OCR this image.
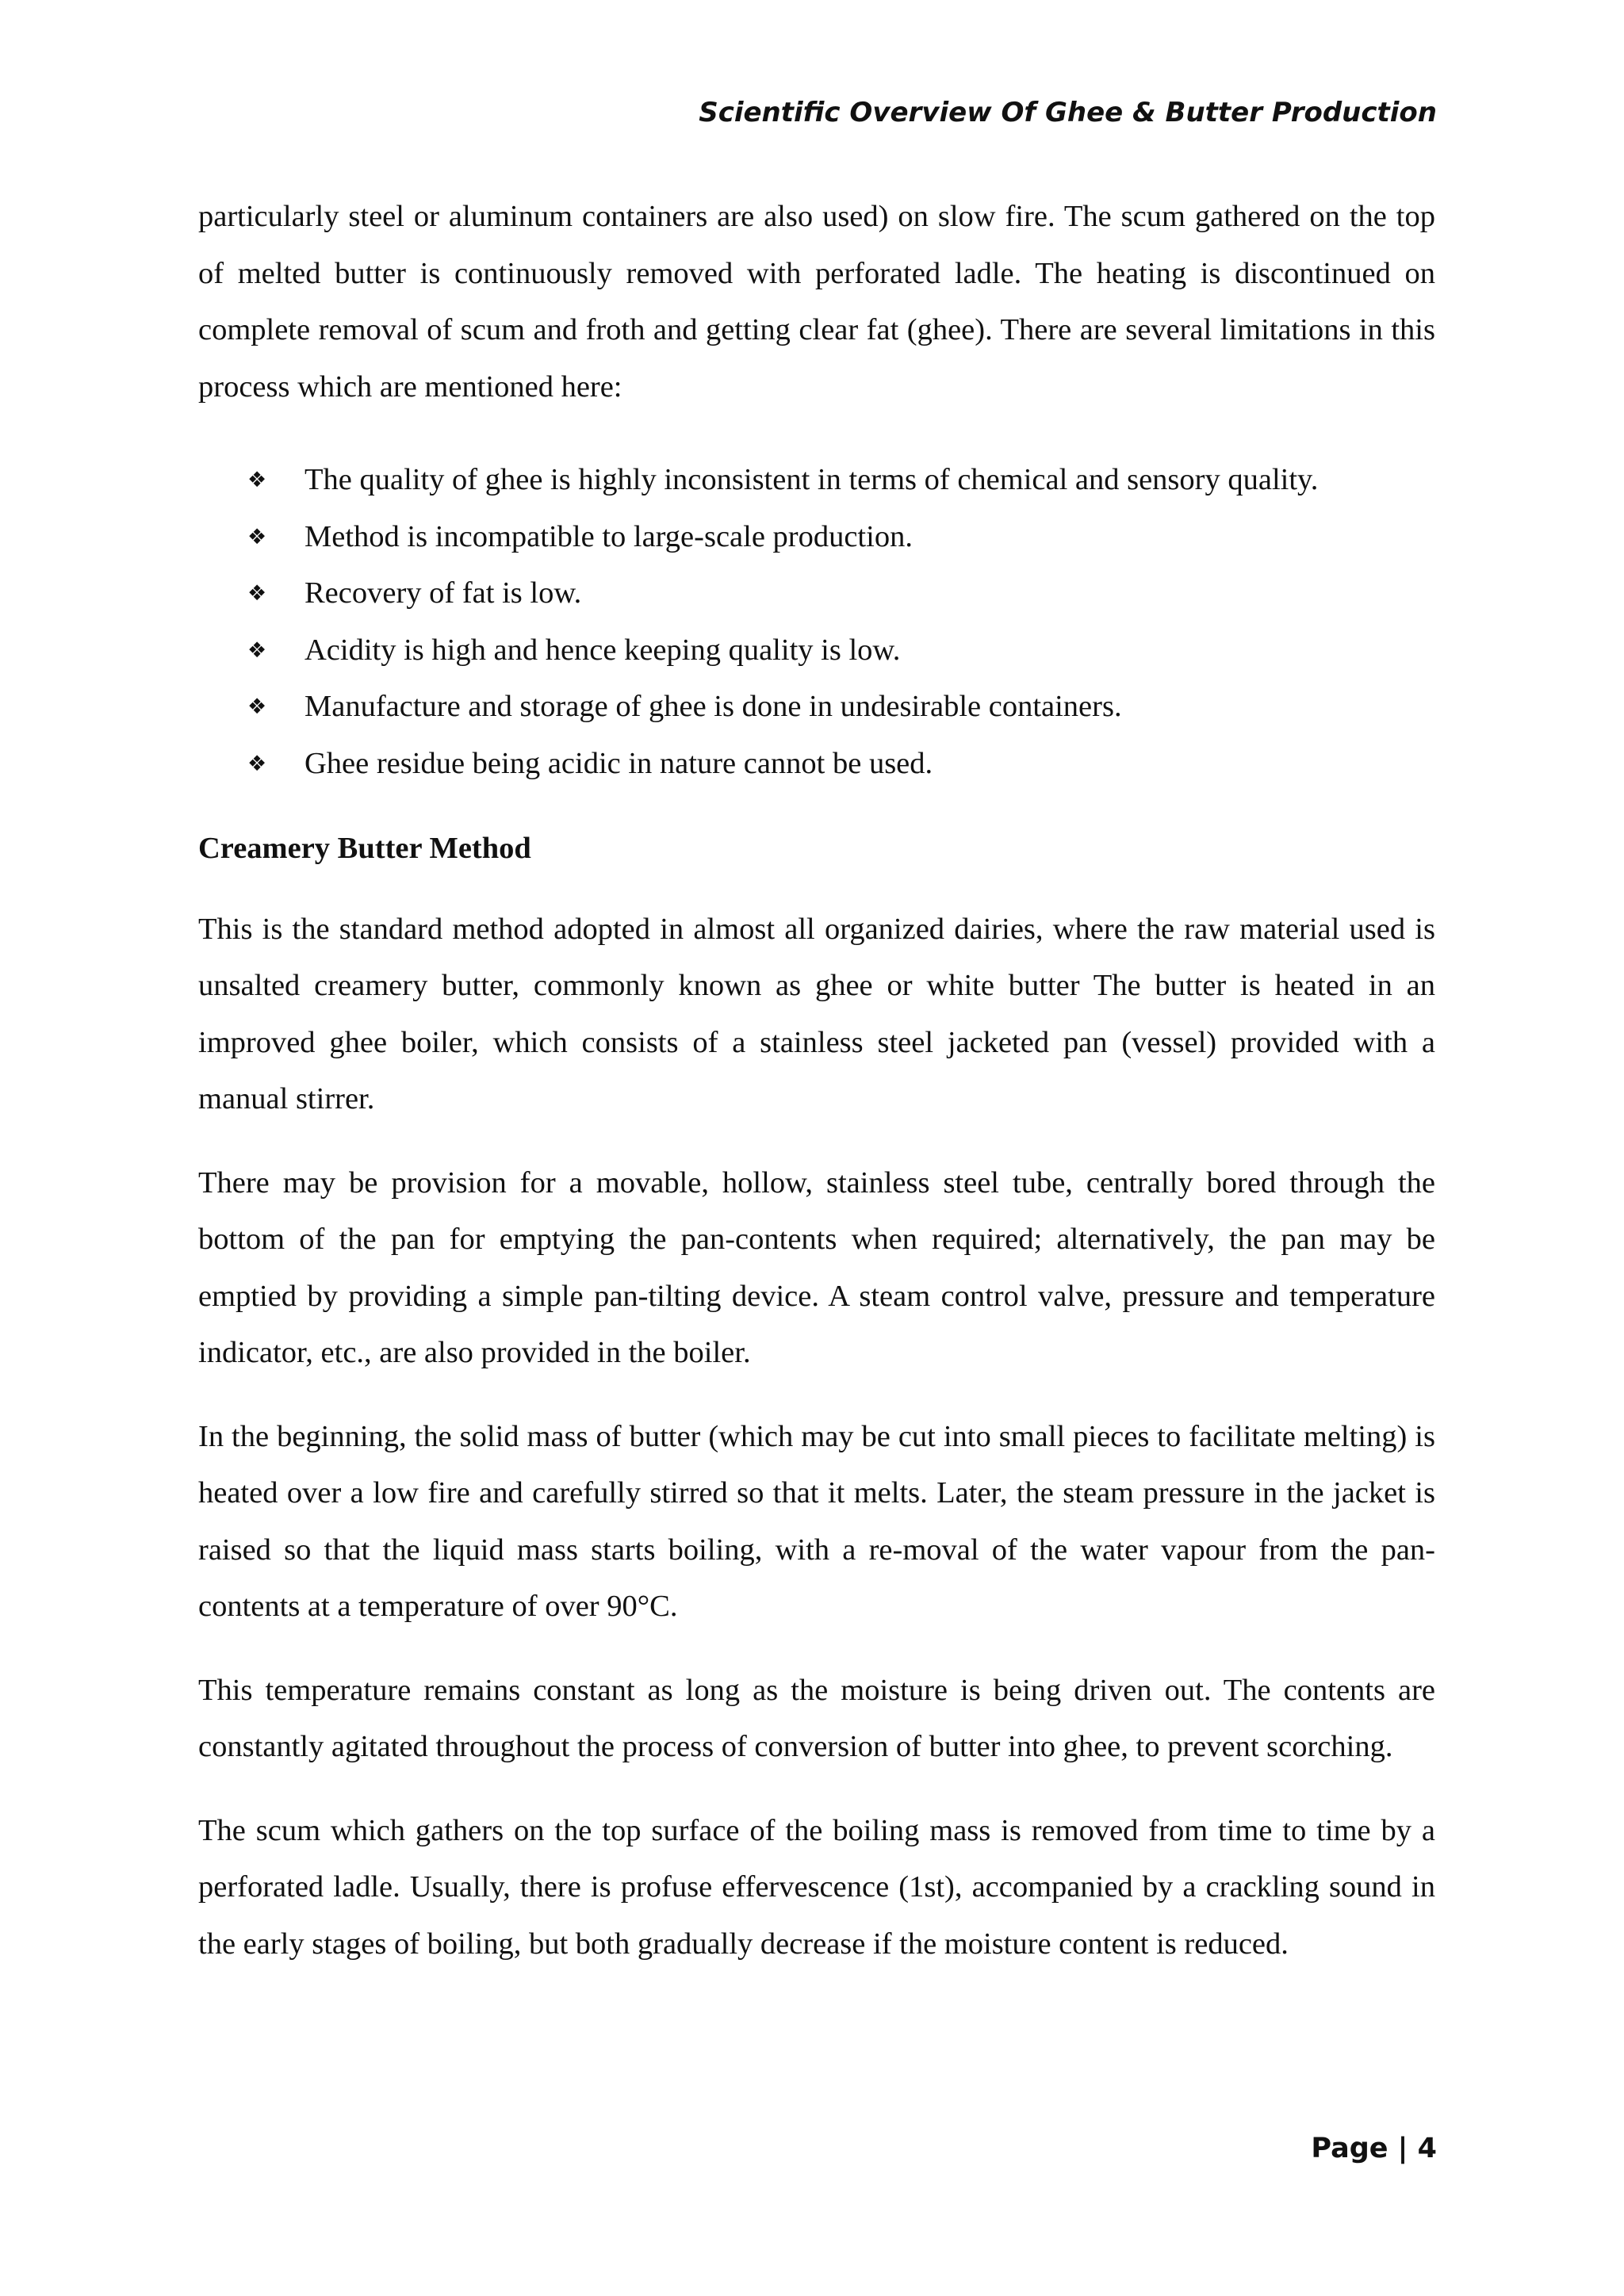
Scientific Overview Of Ghee & Butter Production

particularly steel or aluminum containers are also used) on slow fire. The scum gathered on the top of melted butter is continuously removed with perforated ladle. The heating is discontinued on complete removal of scum and froth and getting clear fat (ghee). There are several limitations in this process which are mentioned here:

❖ The quality of ghee is highly inconsistent in terms of chemical and sensory quality.
❖ Method is incompatible to large-scale production.
❖ Recovery of fat is low.
❖ Acidity is high and hence keeping quality is low.
❖ Manufacture and storage of ghee is done in undesirable containers.
❖ Ghee residue being acidic in nature cannot be used.
Creamery Butter Method

This is the standard method adopted in almost all organized dairies, where the raw material used is unsalted creamery butter, commonly known as ghee or white butter The butter is heated in an improved ghee boiler, which consists of a stainless steel jacketed pan (vessel) provided with a manual stirrer.

There may be provision for a movable, hollow, stainless steel tube, centrally bored through the bottom of the pan for emptying the pan-contents when required; alternatively, the pan may be emptied by providing a simple pan-tilting device. A steam control valve, pressure and temperature indicator, etc., are also provided in the boiler.

In the beginning, the solid mass of butter (which may be cut into small pieces to facilitate melting) is heated over a low fire and carefully stirred so that it melts. Later, the steam pressure in the jacket is raised so that the liquid mass starts boiling, with a re-moval of the water vapour from the pan-contents at a temperature of over 90°C.

This temperature remains constant as long as the moisture is being driven out. The contents are constantly agitated throughout the process of conversion of butter into ghee, to prevent scorching.

The scum which gathers on the top surface of the boiling mass is removed from time to time by a perforated ladle. Usually, there is profuse effervescence (1st), accompanied by a crackling sound in the early stages of boiling, but both gradually decrease if the moisture content is reduced.

Page | 4
